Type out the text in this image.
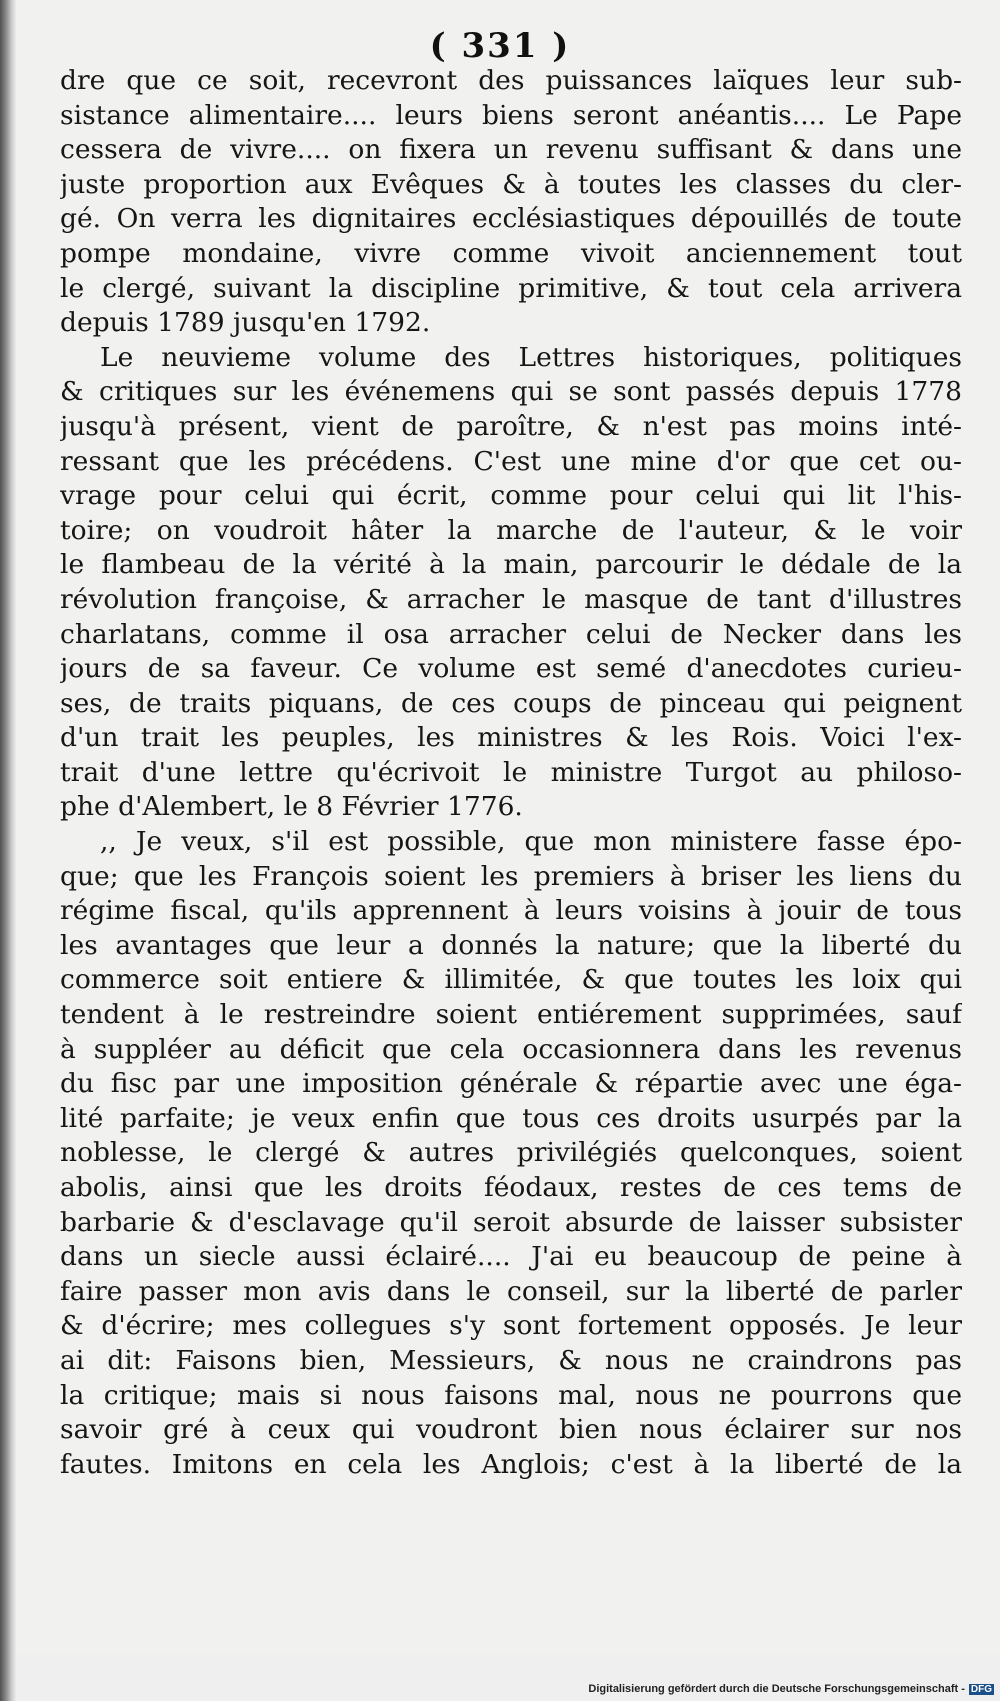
( 331 )
dre que ce soit, recevront des puissances laïques leur sub-
sistance alimentaire.... leurs biens seront anéantis.... Le Pape
cessera de vivre.... on fixera un revenu suffisant & dans une
juste proportion aux Evêques & à toutes les classes du cler-
gé. On verra les dignitaires ecclésiastiques dépouillés de toute
pompe mondaine, vivre comme vivoit anciennement tout
le clergé, suivant la discipline primitive, & tout cela arrivera
depuis 1789 jusqu'en 1792.
Le neuvieme volume des Lettres historiques, politiques
& critiques sur les événemens qui se sont passés depuis 1778
jusqu'à présent, vient de paroître, & n'est pas moins inté-
ressant que les précédens. C'est une mine d'or que cet ou-
vrage pour celui qui écrit, comme pour celui qui lit l'his-
toire; on voudroit hâter la marche de l'auteur, & le voir
le flambeau de la vérité à la main, parcourir le dédale de la
révolution françoise, & arracher le masque de tant d'illustres
charlatans, comme il osa arracher celui de Necker dans les
jours de sa faveur. Ce volume est semé d'anecdotes curieu-
ses, de traits piquans, de ces coups de pinceau qui peignent
d'un trait les peuples, les ministres & les Rois. Voici l'ex-
trait d'une lettre qu'écrivoit le ministre Turgot au philoso-
phe d'Alembert, le 8 Février 1776.
,, Je veux, s'il est possible, que mon ministere fasse épo-
que; que les François soient les premiers à briser les liens du
régime fiscal, qu'ils apprennent à leurs voisins à jouir de tous
les avantages que leur a donnés la nature; que la liberté du
commerce soit entiere & illimitée, & que toutes les loix qui
tendent à le restreindre soient entiérement supprimées, sauf
à suppléer au déficit que cela occasionnera dans les revenus
du fisc par une imposition générale & répartie avec une éga-
lité parfaite; je veux enfin que tous ces droits usurpés par la
noblesse, le clergé & autres privilégiés quelconques, soient
abolis, ainsi que les droits féodaux, restes de ces tems de
barbarie & d'esclavage qu'il seroit absurde de laisser subsister
dans un siecle aussi éclairé.... J'ai eu beaucoup de peine à
faire passer mon avis dans le conseil, sur la liberté de parler
& d'écrire; mes collegues s'y sont fortement opposés. Je leur
ai dit: Faisons bien, Messieurs, & nous ne craindrons pas
la critique; mais si nous faisons mal, nous ne pourrons que
savoir gré à ceux qui voudront bien nous éclairer sur nos
fautes. Imitons en cela les Anglois; c'est à la liberté de la
Digitalisierung gefördert durch die Deutsche Forschungsgemeinschaft - DFG
